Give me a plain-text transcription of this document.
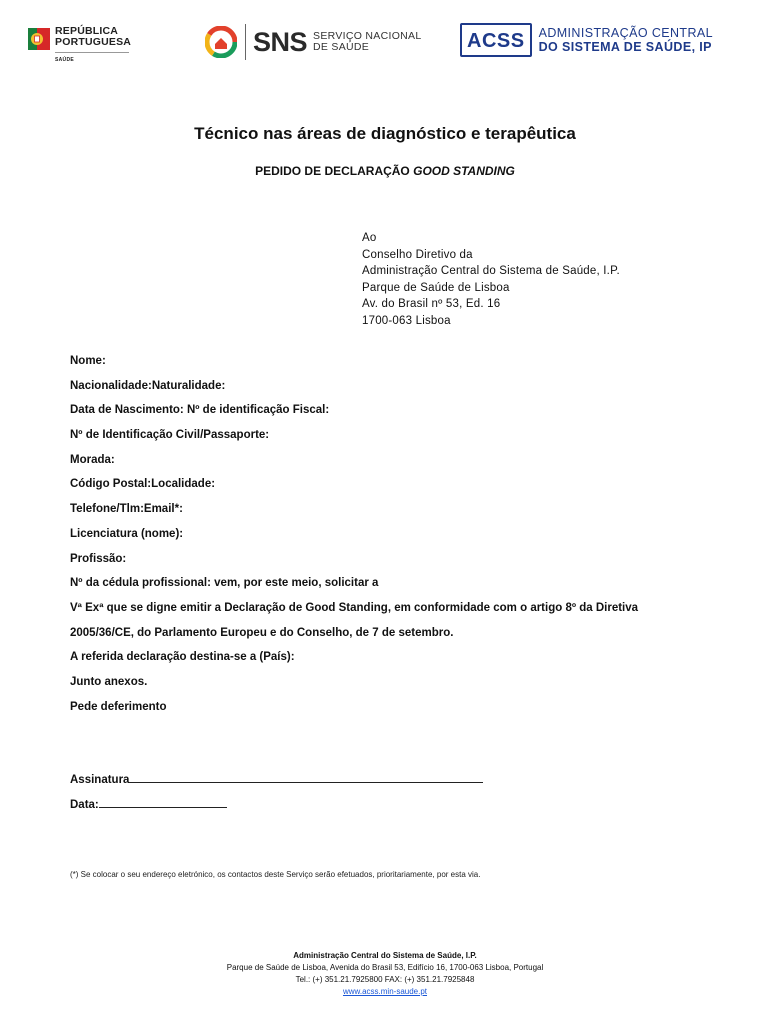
REPÚBLICA
PORTUGUESA
SAÚDE
SNS SERVIÇO NACIONAL
DE SAÚDE	ACSS	ADMINISTRAÇÃO CENTRAL
DO SISTEMA DE SAÚDE, IP
Técnico nas áreas de diagnóstico e terapêutica
PEDIDO DE DECLARAÇÃO GOOD STANDING
Ao
Conselho Diretivo da
Administração Central do Sistema de Saúde, I.P.
Parque de Saúde de Lisboa
Av. do Brasil nº 53, Ed. 16
1700-063 Lisboa
Nome:
Nacionalidade:Naturalidade:
Data de Nascimento: Nº de identificação Fiscal:
Nº de Identificação Civil/Passaporte:
Morada:
Código Postal:Localidade:
Telefone/Tlm:Email*:
Licenciatura (nome):
Profissão:
Nº da cédula profissional: vem, por este meio, solicitar a
Vª Exª que se digne emitir a Declaração de Good Standing, em conformidade com o artigo 8º da Diretiva
2005/36/CE, do Parlamento Europeu e do Conselho, de 7 de setembro.
A referida declaração destina-se a (País):
Junto anexos.
Pede deferimento
Assinatura
Data:
(*) Se colocar o seu endereço eletrónico, os contactos deste Serviço serão efetuados, prioritariamente, por esta via.
Administração Central do Sistema de Saúde, I.P.
Parque de Saúde de Lisboa, Avenida do Brasil 53, Edifício 16, 1700-063 Lisboa, Portugal
Tel.: (+) 351.21.7925800 FAX: (+) 351.21.7925848
www.acss.min-saude.pt
